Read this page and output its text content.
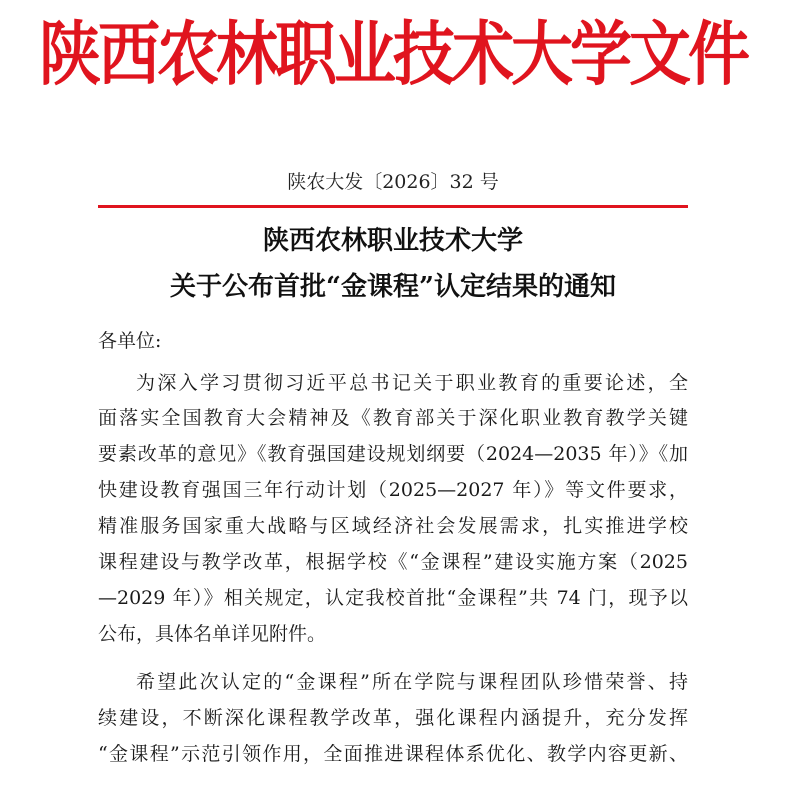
陕西农林职业技术大学文件
陕农大发〔2026〕32 号
陕西农林职业技术大学
关于公布首批“金课程”认定结果的通知
各单位:
为深入学习贯彻习近平总书记关于职业教育的重要论述，全
面落实全国教育大会精神及《教育部关于深化职业教育教学关键
要素改革的意见》《教育强国建设规划纲要（2024—2035 年）》《加
快建设教育强国三年行动计划（2025—2027 年）》等文件要求，
精准服务国家重大战略与区域经济社会发展需求，扎实推进学校
课程建设与教学改革，根据学校《“金课程”建设实施方案（2025
—2029 年）》相关规定，认定我校首批“金课程”共 74 门，现予以
公布，具体名单详见附件。
希望此次认定的“金课程”所在学院与课程团队珍惜荣誉、持
续建设，不断深化课程教学改革，强化课程内涵提升，充分发挥
“金课程”示范引领作用，全面推进课程体系优化、教学内容更新、
